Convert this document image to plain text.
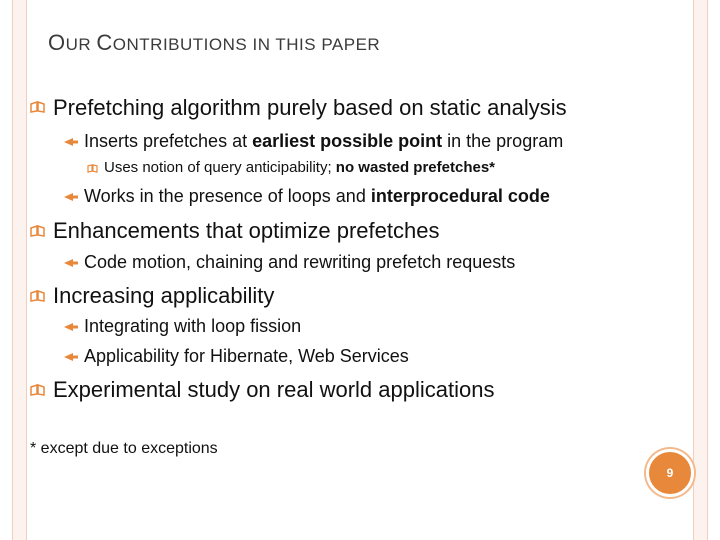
OUR CONTRIBUTIONS IN THIS PAPER
Prefetching algorithm purely based on static analysis
Inserts prefetches at earliest possible point in the program
Uses notion of query anticipability; no wasted prefetches*
Works in the presence of loops and interprocedural code
Enhancements that optimize prefetches
Code motion, chaining and rewriting prefetch requests
Increasing applicability
Integrating with loop fission
Applicability for Hibernate, Web Services
Experimental study on real world applications
* except due to exceptions
9
